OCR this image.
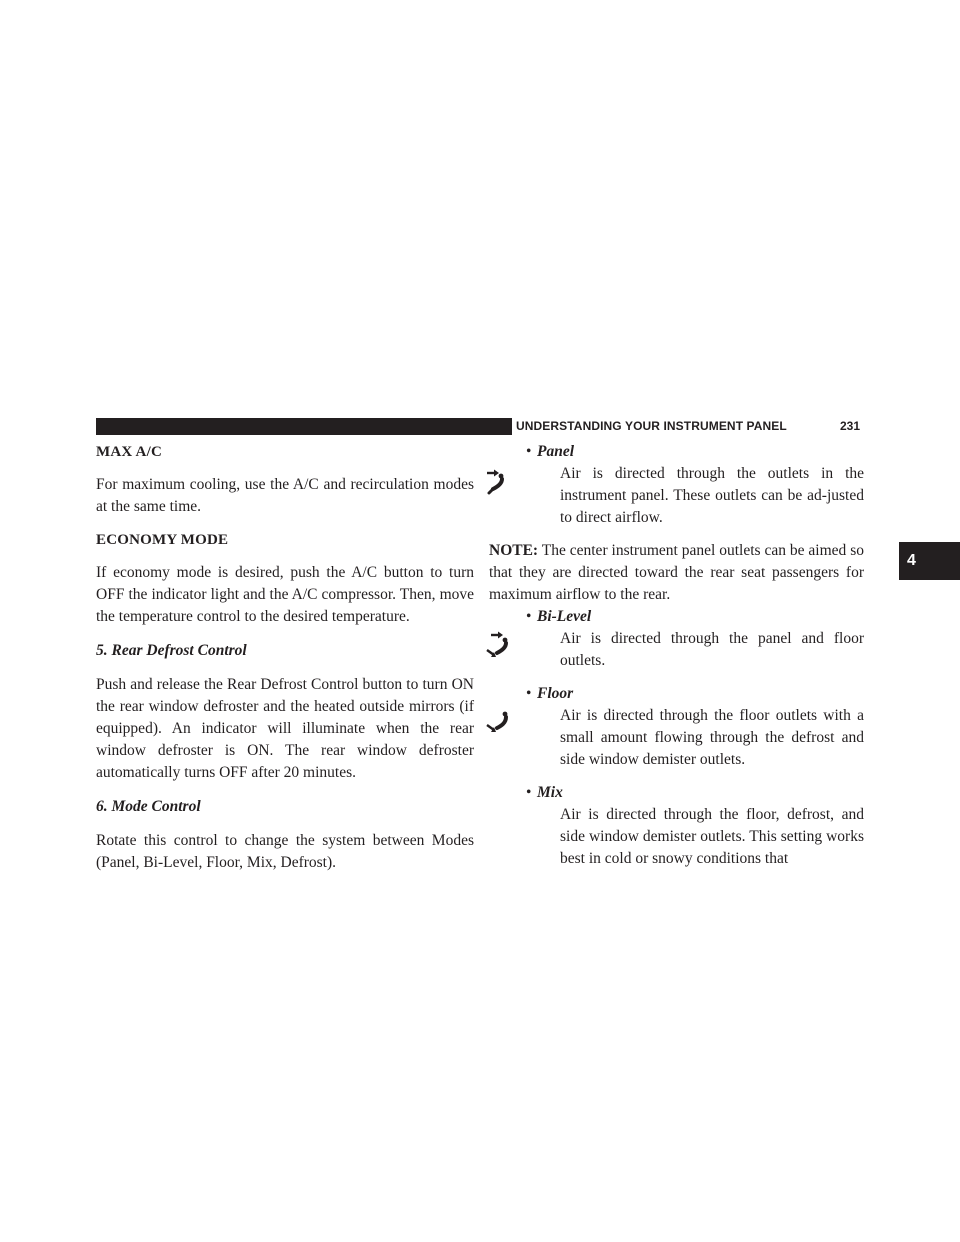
UNDERSTANDING YOUR INSTRUMENT PANEL	231
4
MAX A/C

For maximum cooling, use the A/C and recirculation modes at the same time.

ECONOMY MODE

If economy mode is desired, push the A/C button to turn OFF the indicator light and the A/C compressor. Then, move the temperature control to the desired temperature.

5. Rear Defrost Control

Push and release the Rear Defrost Control button to turn ON the rear window defroster and the heated outside mirrors (if equipped). An indicator will illuminate when the rear window defroster is ON. The rear window defroster automatically turns OFF after 20 minutes.

6. Mode Control

Rotate this control to change the system between Modes (Panel, Bi-Level, Floor, Mix, Defrost).

• Panel
Air is directed through the outlets in the instrument panel. These outlets can be ad-justed to direct airflow.

NOTE: The center instrument panel outlets can be aimed so that they are directed toward the rear seat passengers for maximum airflow to the rear.

• Bi-Level
Air is directed through the panel and floor outlets.
• Floor
Air is directed through the floor outlets with a small amount flowing through the defrost and side window demister outlets.
• Mix
Air is directed through the floor, defrost, and side window demister outlets. This setting works best in cold or snowy conditions that
